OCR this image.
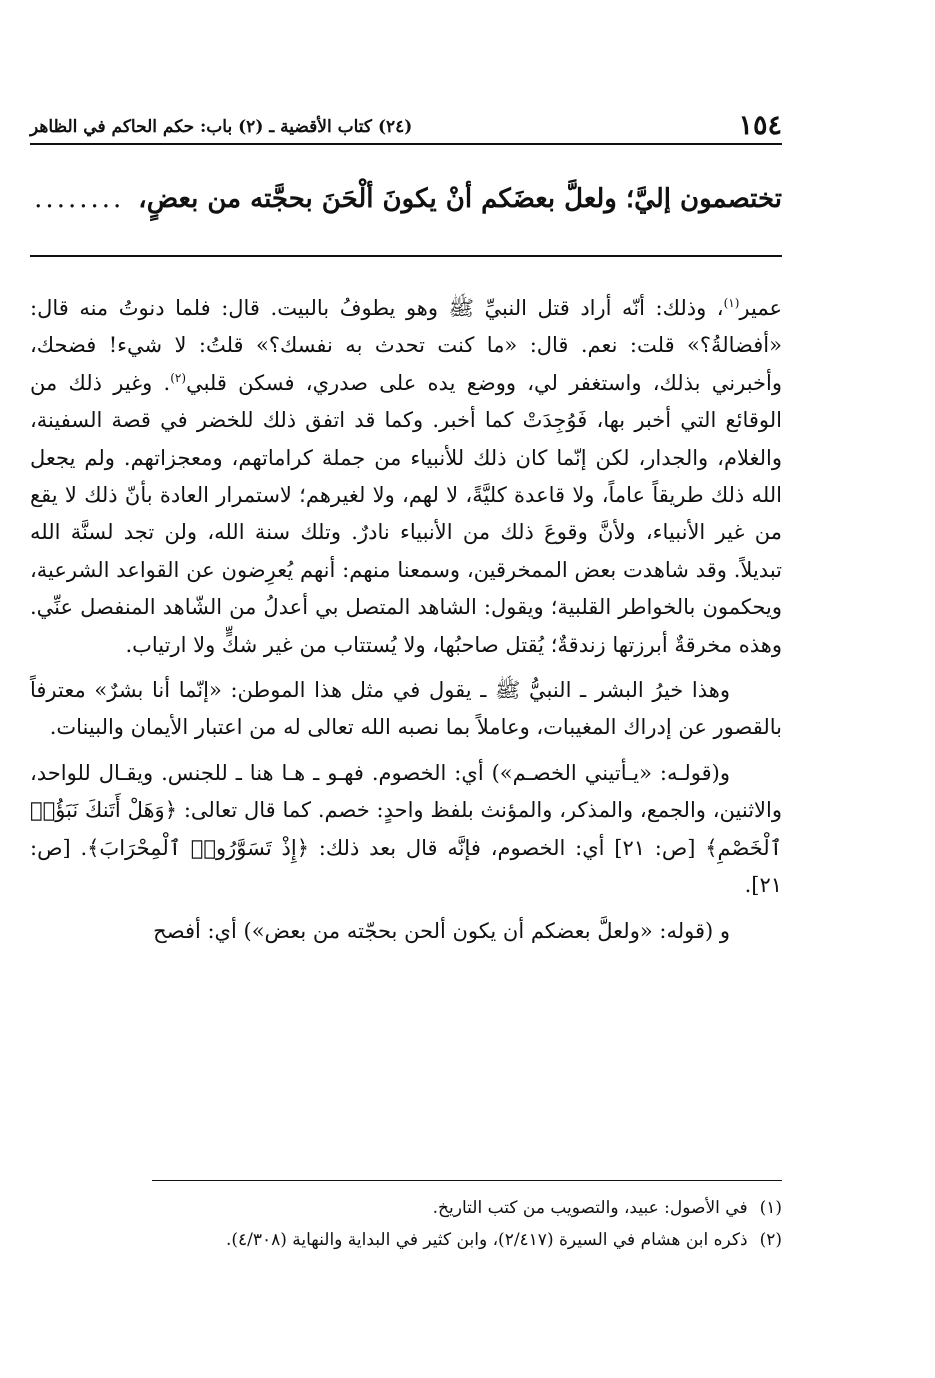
١٥٤
(٢٤) كتاب الأقضية ـ (٢) باب: حكم الحاكم في الظاهر
تختصمون إليَّ؛ ولعلَّ بعضَكم أنْ يكونَ ألْحَنَ بحجَّته من بعضٍ،........

عمير$^{(١)}$، وذلك: أنّه أراد قتل النبيِّ ﷺ وهو يطوفُ بالبيت. قال: فلما دنوتُ منه قال: «أفضالةُ؟» قلت: نعم. قال: «ما كنت تحدث به نفسك؟» قلتُ: لا شيء! فضحك، وأخبرني بذلك، واستغفر لي، ووضع يده على صدري، فسكن قلبي$^{(٢)}$. وغير ذلك من الوقائع التي أخبر بها، فَوُجِدَتْ كما أخبر. وكما قد اتفق ذلك للخضر في قصة السفينة، والغلام، والجدار، لكن إنّما كان ذلك للأنبياء من جملة كراماتهم، ومعجزاتهم. ولم يجعل الله ذلك طريقاً عاماً، ولا قاعدة كليَّةً، لا لهم، ولا لغيرهم؛ لاستمرار العادة بأنّ ذلك لا يقع من غير الأنبياء، ولأنَّ وقوعَ ذلك من الأنبياء نادرٌ. وتلك سنة الله، ولن تجد لسنَّة الله تبديلاً. وقد شاهدت بعض الممخرقين، وسمعنا منهم: أنهم يُعرِضون عن القواعد الشرعية، ويحكمون بالخواطر القلبية؛ ويقول: الشاهد المتصل بي أعدلُ من الشّاهد المنفصل عنِّي. وهذه مخرقةٌ أبرزتها زندقةٌ؛ يُقتل صاحبُها، ولا يُستتاب من غير شكٍّ ولا ارتياب.

وهذا خيرُ البشر ـ النبيُّ ﷺ ـ يقول في مثل هذا الموطن: «إنّما أنا بشرٌ» معترفاً بالقصور عن إدراك المغيبات، وعاملاً بما نصبه الله تعالى له من اعتبار الأيمان والبينات.

و(قولـه: «يـأتيني الخصـم») أي: الخصوم. فهـو ـ هـا هنا ـ للجنس. ويقـال للواحد، والاثنين، والجمع، والمذكر، والمؤنث بلفظ واحدٍ: خصم. كما قال تعالى: ﴿وَهَلْ أَتَنكَ نَبَؤُا۟ ٱلْخَصْمِ﴾ [ص: ٢١] أي: الخصوم، فإنَّه قال بعد ذلك: ﴿إِذْ تَسَوَّرُوا۟ ٱلْمِحْرَابَ﴾. [ص: ٢١].

و (قوله: «ولعلَّ بعضكم أن يكون ألحن بحجّته من بعض») أي: أفصح

(١)في الأصول: عبيد، والتصويب من كتب التاريخ.

(٢)ذكره ابن هشام في السيرة (٢/٤١٧)، وابن كثير في البداية والنهاية (٤/٣٠٨).
